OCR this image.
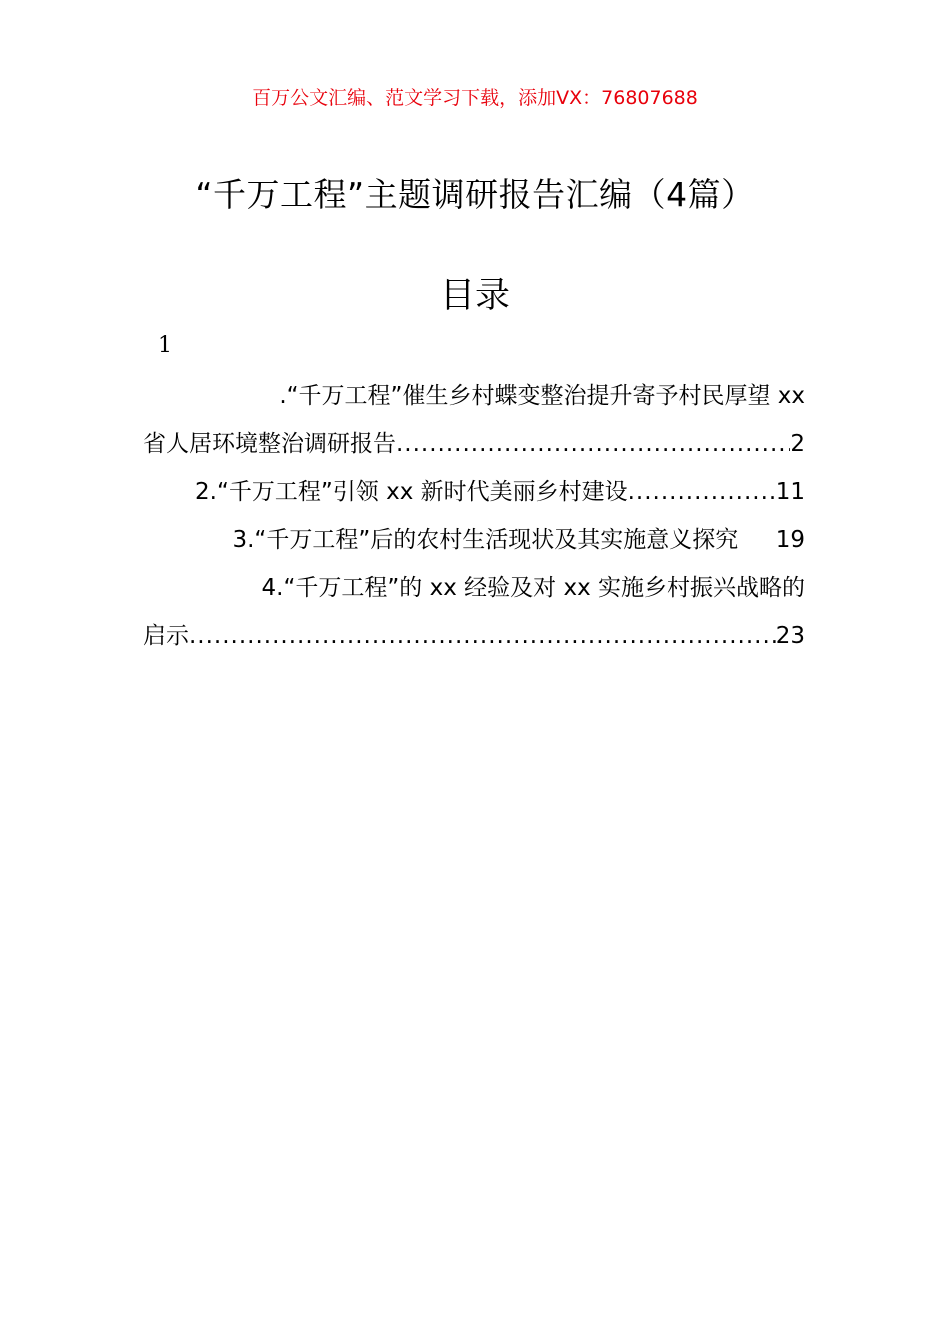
百万公文汇编、范文学习下载，添加VX：76807688
“千万工程”主题调研报告汇编（4篇）
目录
1
.“千万工程”催生乡村蝶变整治提升寄予村民厚望 xx
省人居环境整治调研报告 .....	2
2.“千万工程”引领 xx 新时代美丽乡村建设 .....	11
3.“千万工程”后的农村生活现状及其实施意义探究 19
4.“千万工程”的 xx 经验及对 xx 实施乡村振兴战略的
启示 .....	23
